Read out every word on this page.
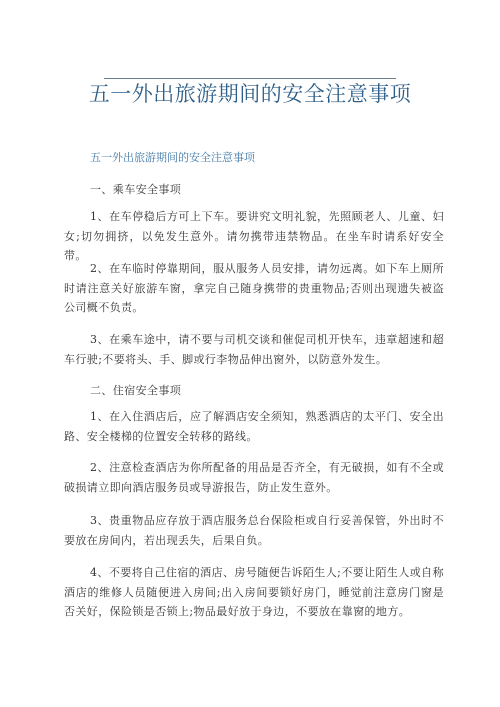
五一外出旅游期间的安全注意事项
五一外出旅游期间的安全注意事项

一、乘车安全事项

1、在车停稳后方可上下车。要讲究文明礼貌，先照顾老人、儿童、妇女;切勿拥挤，以免发生意外。请勿携带违禁物品。在坐车时请系好安全带。

2、在车临时停靠期间，服从服务人员安排，请勿远离。如下车上厕所时请注意关好旅游车窗，拿完自己随身携带的贵重物品;否则出现遗失被盗公司概不负责。

3、在乘车途中，请不要与司机交谈和催促司机开快车，违章超速和超车行驶;不要将头、手、脚或行李物品伸出窗外，以防意外发生。

二、住宿安全事项

1、在入住酒店后，应了解酒店安全须知，熟悉酒店的太平门、安全出路、安全楼梯的位置安全转移的路线。

2、注意检查酒店为你所配备的用品是否齐全，有无破损，如有不全或破损请立即向酒店服务员或导游报告，防止发生意外。

3、贵重物品应存放于酒店服务总台保险柜或自行妥善保管，外出时不要放在房间内，若出现丢失，后果自负。

4、不要将自己住宿的酒店、房号随便告诉陌生人;不要让陌生人或自称酒店的维修人员随便进入房间;出入房间要锁好房门，睡觉前注意房门窗是否关好，保险锁是否锁上;物品最好放于身边，不要放在靠窗的地方。
